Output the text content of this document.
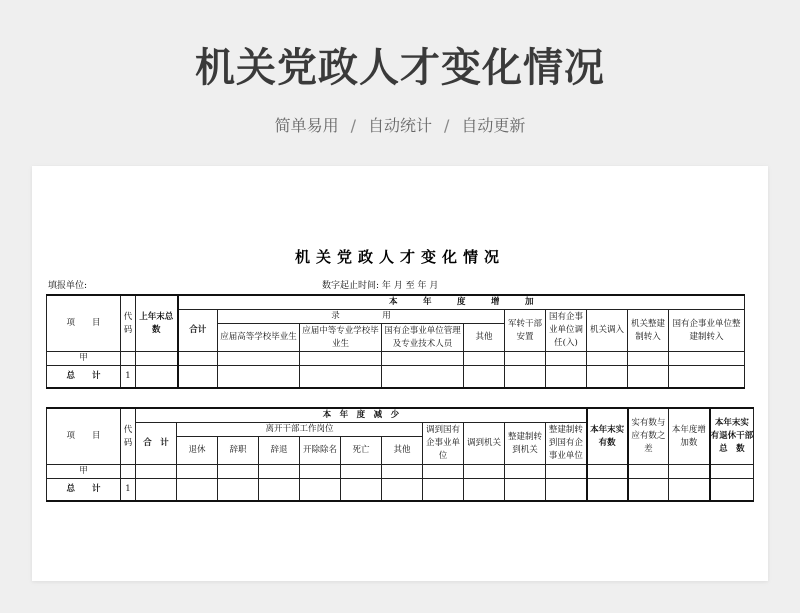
机关党政人才变化情况
简单易用 / 自动统计 / 自动更新
机关党政人才变化情况
填报单位:	数字起止时间: 年 月 至 年 月
项　　目	代码	上年末总数	本　　　年　　　度　　　增　　　加									
			合计	录　　　　　用				军转干部安置	国有企事业单位调任(入)	机关调入	机关整建制转入	国有企事业单位整建制转入
				应届高等学校毕业生	应届中等专业学校毕业生	国有企事业单位管理及专业技术人员	其他					
甲												
总　　计	1											
项　　目	代码	本　年　度　减　少											本年末实有数	实有数与应有数之差	本年度增加数	本年末实　有退休干部总　数
		合　计	离开干部工作岗位						调到国有企事业单　位	调到机关	整建制转到机关	整建制转到国有企事业单位				
			退休	辞职	辞退	开除除名	死亡	其他								
甲																
总　　计	1															
